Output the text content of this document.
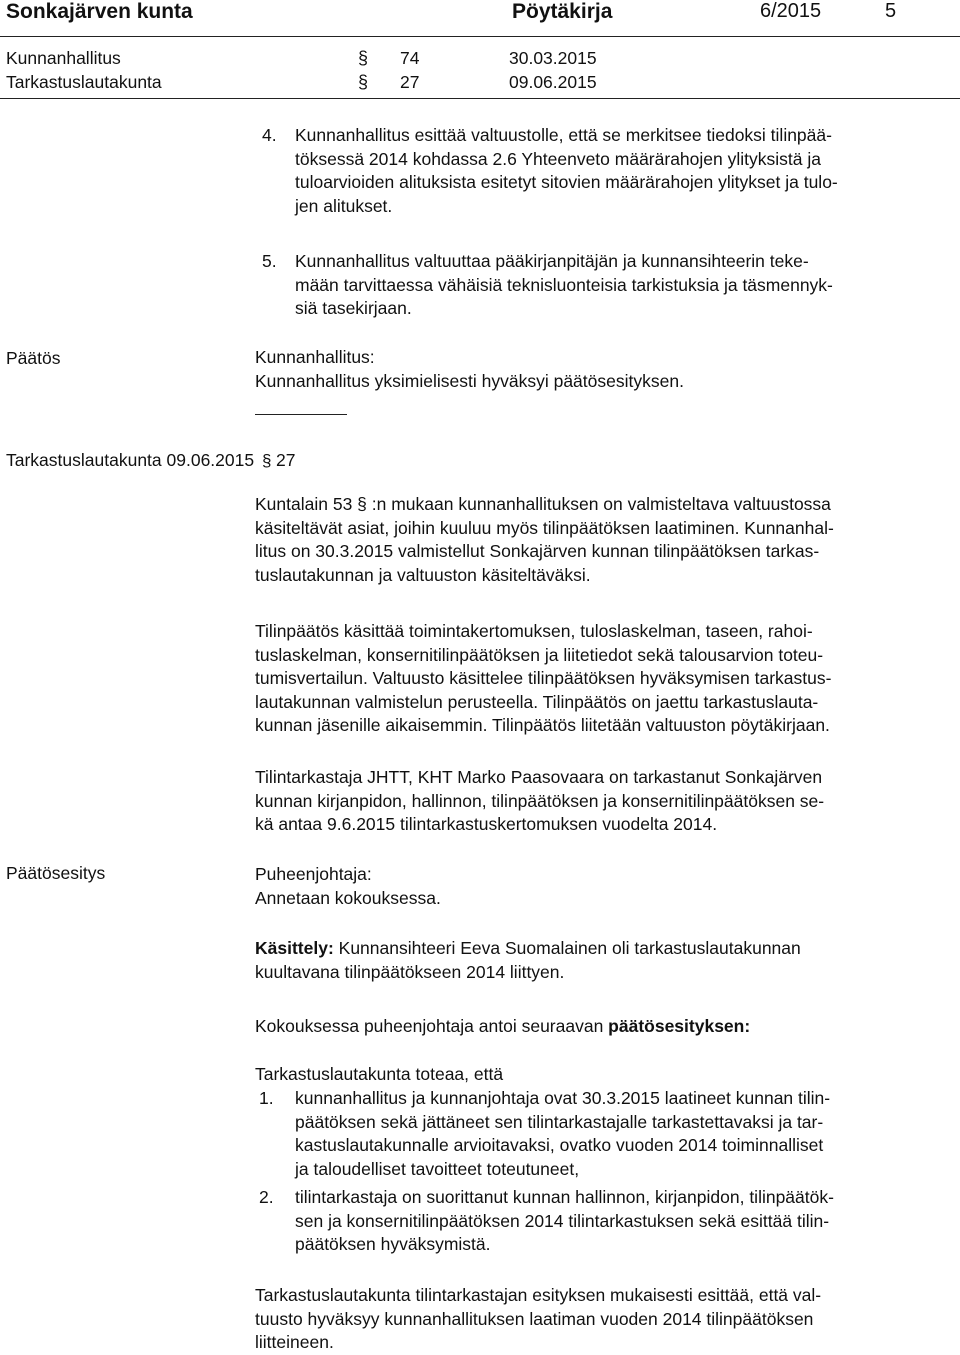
Sonkajärven kunta	Pöytäkirja	6/2015	5
Kunnanhallitus	§ 74	30.03.2015
Tarkastuslautakunta	§ 27	09.06.2015
4. Kunnanhallitus esittää valtuustolle, että se merkitsee tiedoksi tilinpää-
töksessä 2014 kohdassa 2.6 Yhteenveto määrärahojen ylityksistä ja
tuloarvioiden alituksista esitetyt sitovien määrärahojen ylitykset ja tulo-
jen alitukset.
5. Kunnanhallitus valtuuttaa pääkirjanpitäjän ja kunnansihteerin teke-
mään tarvittaessa vähäisiä teknisluonteisia tarkistuksia ja täsmennyk-
siä tasekirjaan.
Päätös	Kunnanhallitus:
Kunnanhallitus yksimielisesti hyväksyi päätösesityksen.
Tarkastuslautakunta 09.06.2015 § 27
Kuntalain 53 § :n mukaan kunnanhallituksen on valmisteltava valtuustossa
käsiteltävät asiat, joihin kuuluu myös tilinpäätöksen laatiminen. Kunnanhal-
litus on 30.3.2015 valmistellut Sonkajärven kunnan tilinpäätöksen tarkas-
tuslautakunnan ja valtuuston käsiteltäväksi.
Tilinpäätös käsittää toimintakertomuksen, tuloslaskelman, taseen, rahoi-
tuslaskelman, konsernitilinpäätöksen ja liitetiedot sekä talousarvion toteu-
tumisvertailun. Valtuusto käsittelee tilinpäätöksen hyväksymisen tarkastus-
lautakunnan valmistelun perusteella. Tilinpäätös on jaettu tarkastuslauta-
kunnan jäsenille aikaisemmin. Tilinpäätös liitetään valtuuston pöytäkirjaan.
Tilintarkastaja JHTT, KHT Marko Paasovaara on tarkastanut Sonkajärven
kunnan kirjanpidon, hallinnon, tilinpäätöksen ja konsernitilinpäätöksen se-
kä antaa 9.6.2015 tilintarkastuskertomuksen vuodelta 2014.
Päätösesitys	Puheenjohtaja:
Annetaan kokouksessa.
Käsittely: Kunnansihteeri Eeva Suomalainen oli tarkastuslautakunnan
kuultavana tilinpäätökseen 2014 liittyen.
Kokouksessa puheenjohtaja antoi seuraavan päätösesityksen:
Tarkastuslautakunta toteaa, että
1. kunnanhallitus ja kunnanjohtaja ovat 30.3.2015 laatineet kunnan tilin-
päätöksen sekä jättäneet sen tilintarkastajalle tarkastettavaksi ja tar-
kastuslautakunnalle arvioitavaksi, ovatko vuoden 2014 toiminnalliset
ja taloudelliset tavoitteet toteutuneet,
2. tilintarkastaja on suorittanut kunnan hallinnon, kirjanpidon, tilinpäätök-
sen ja konsernitilinpäätöksen 2014 tilintarkastuksen sekä esittää tilin-
päätöksen hyväksymistä.
Tarkastuslautakunta tilintarkastajan esityksen mukaisesti esittää, että val-
tuusto hyväksyy kunnanhallituksen laatiman vuoden 2014 tilinpäätöksen
liitteineen.
